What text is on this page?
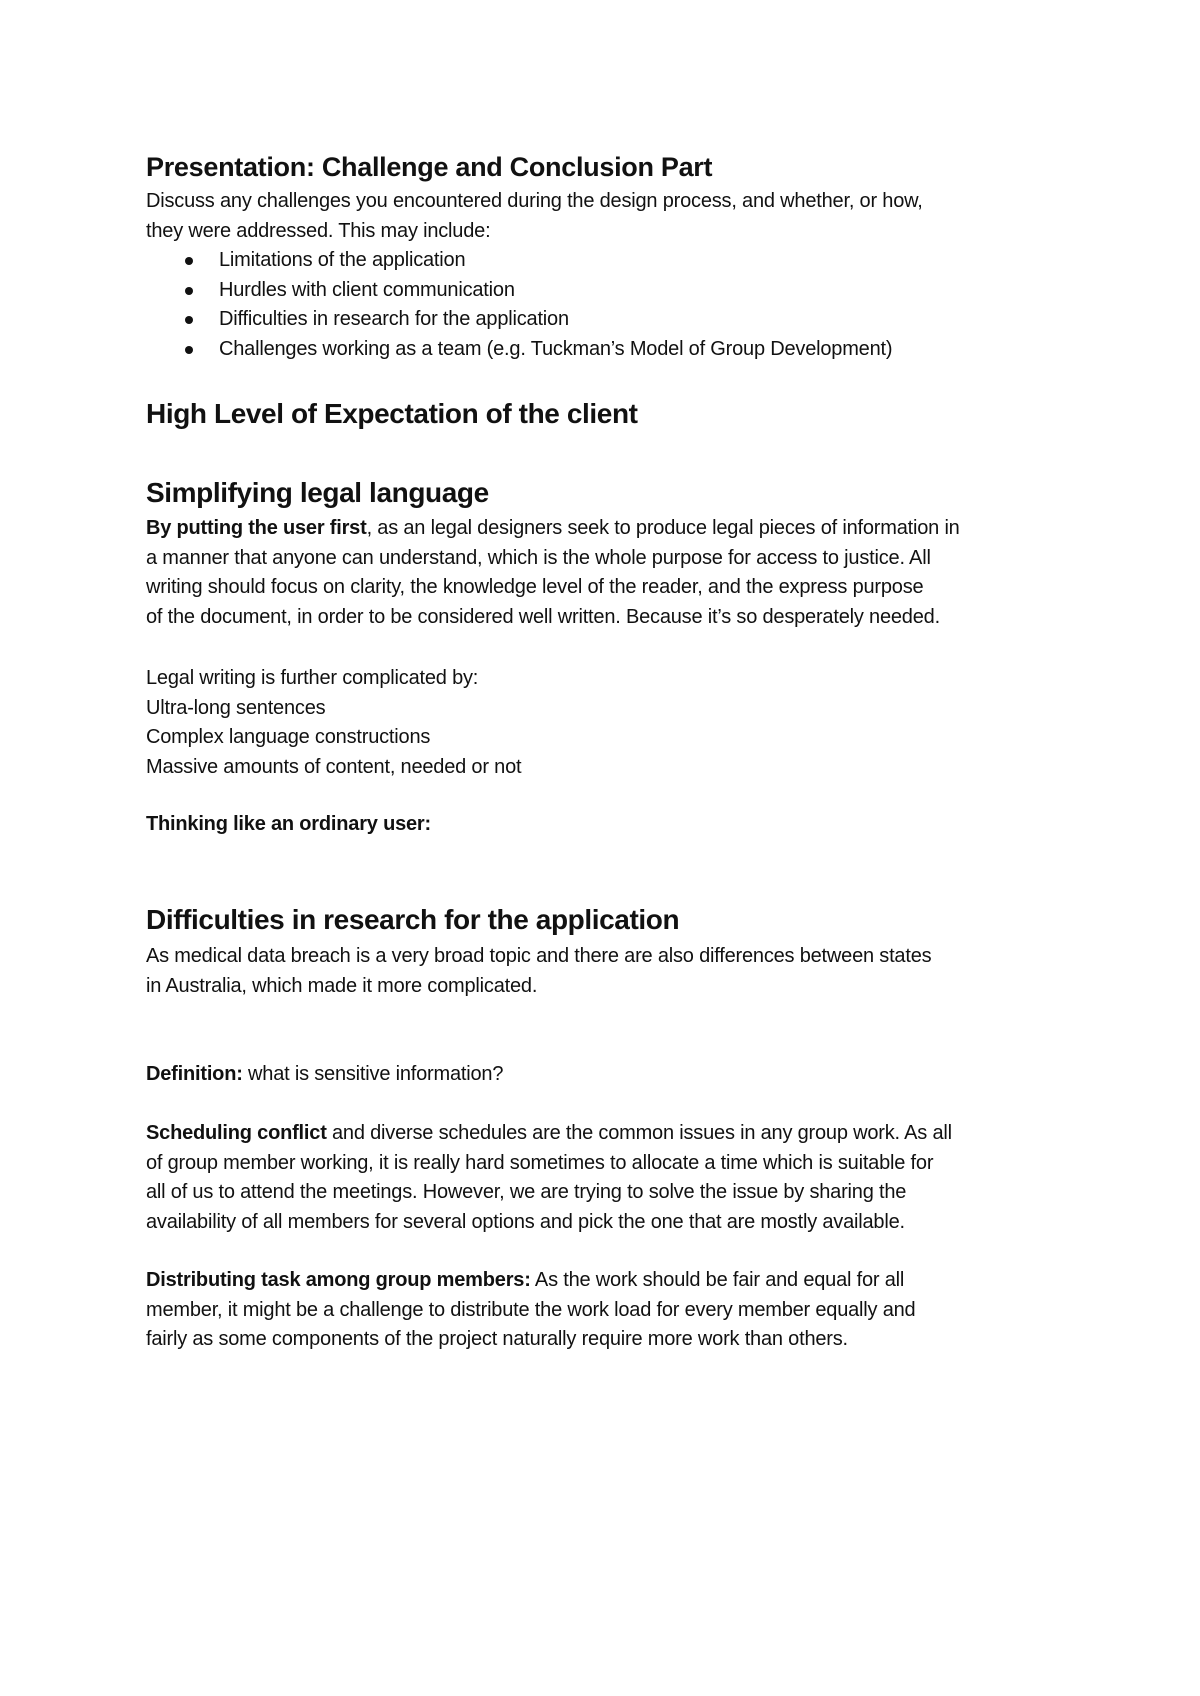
Presentation: Challenge and Conclusion Part
Discuss any challenges you encountered during the design process, and whether, or how,
they were addressed. This may include:
Limitations of the application
Hurdles with client communication
Difficulties in research for the application
Challenges working as a team (e.g. Tuckman’s Model of Group Development)
High Level of Expectation of the client
Simplifying legal language
By putting the user first, as an legal designers seek to produce legal pieces of information in
a manner that anyone can understand, which is the whole purpose for access to justice. All
writing should focus on clarity, the knowledge level of the reader, and the express purpose
of the document, in order to be considered well written. Because it’s so desperately needed.
Legal writing is further complicated by:
Ultra-long sentences
Complex language constructions
Massive amounts of content, needed or not
Thinking like an ordinary user:
Difficulties in research for the application
As medical data breach is a very broad topic and there are also differences between states
in Australia, which made it more complicated.
Definition: what is sensitive information?
Scheduling conflict and diverse schedules are the common issues in any group work. As all
of group member working, it is really hard sometimes to allocate a time which is suitable for
all of us to attend the meetings. However, we are trying to solve the issue by sharing the
availability of all members for several options and pick the one that are mostly available.
Distributing task among group members: As the work should be fair and equal for all
member, it might be a challenge to distribute the work load for every member equally and
fairly as some components of the project naturally require more work than others.
